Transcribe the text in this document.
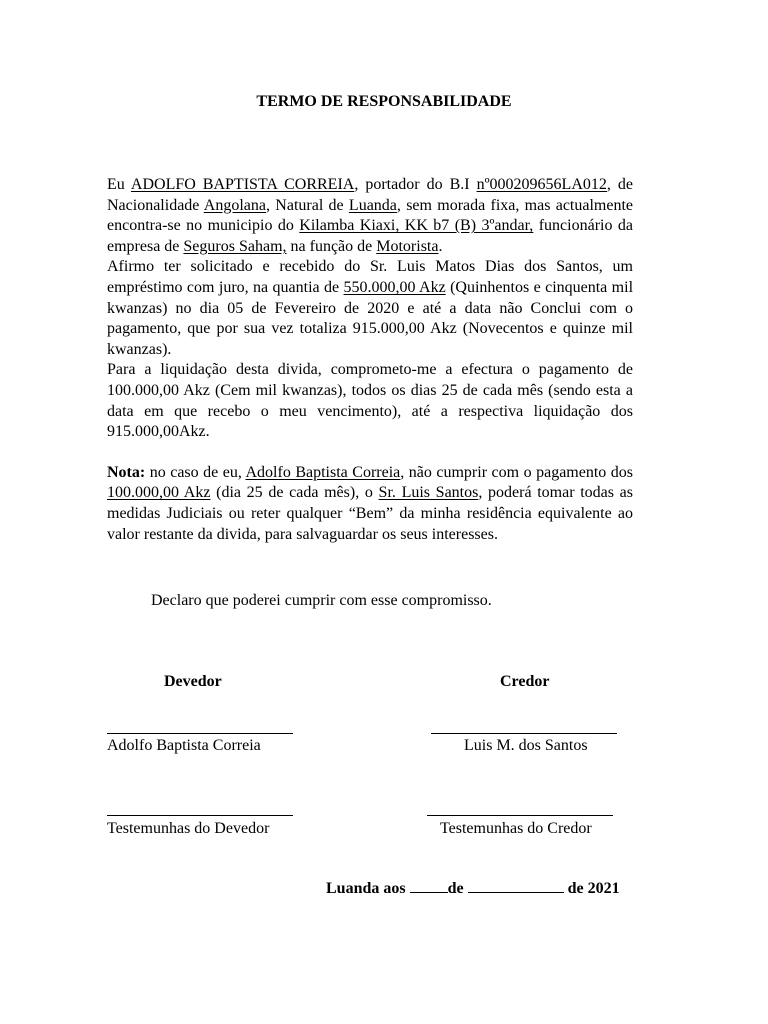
TERMO DE RESPONSABILIDADE

Eu ADOLFO BAPTISTA CORREIA, portador do B.I nº000209656LA012, de Nacionalidade Angolana, Natural de Luanda, sem morada fixa, mas actualmente encontra-se no municipio do Kilamba Kiaxi, KK b7 (B) 3ºandar, funcionário da empresa de Seguros Saham, na função de Motorista.

Afirmo ter solicitado e recebido do Sr. Luis Matos Dias dos Santos, um empréstimo com juro, na quantia de 550.000,00 Akz (Quinhentos e cinquenta mil kwanzas) no dia 05 de Fevereiro de 2020 e até a data não Conclui com o pagamento, que por sua vez totaliza 915.000,00 Akz (Novecentos e quinze mil kwanzas).

Para a liquidação desta divida, comprometo-me a efectura o pagamento de 100.000,00 Akz (Cem mil kwanzas), todos os dias 25 de cada mês (sendo esta a data em que recebo o meu vencimento), até a respectiva liquidação dos 915.000,00Akz.

Nota: no caso de eu, Adolfo Baptista Correia, não cumprir com o pagamento dos 100.000,00 Akz (dia 25 de cada mês), o Sr. Luis Santos, poderá tomar todas as medidas Judiciais ou reter qualquer “Bem” da minha residência equivalente ao valor restante da divida, para salvaguardar os seus interesses.

Declaro que poderei cumprir com esse compromisso.
Devedor	Credor
Adolfo Baptista Correia	Luis M. dos Santos
Testemunhas do Devedor	Testemunhas do Credor
Luanda aos de	de 2021
